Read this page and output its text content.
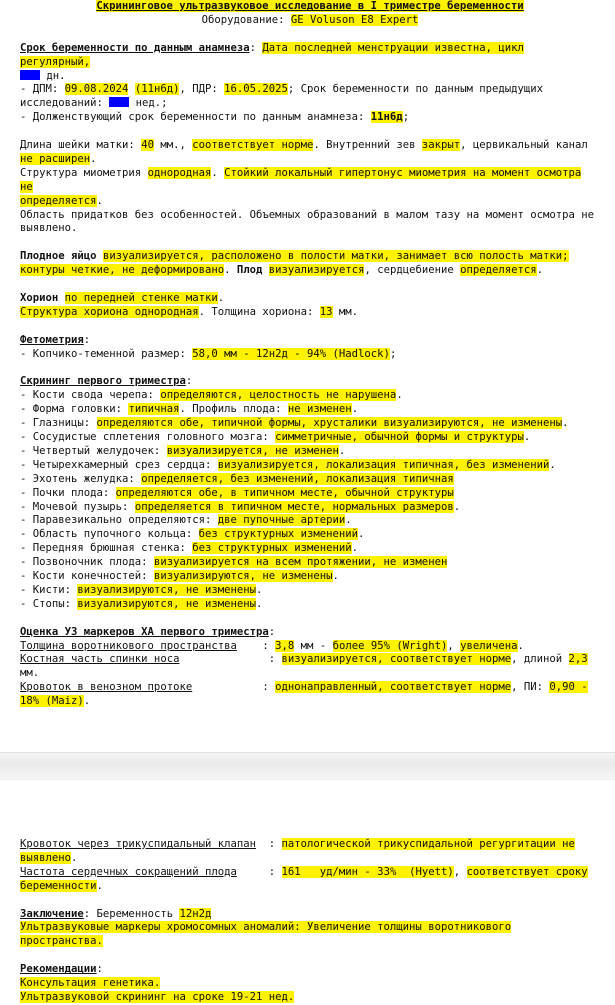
Скрининговое ультразвуковое исследование в I триместре беременности
Оборудование: GE Voluson E8 Expert

Срок беременности по данным анамнеза: Дата последней менструации известна, цикл регулярный,

дн.

- ДПМ: 09.08.2024 (11н6д), ПДР: 16.05.2025; Срок беременности по данным предыдущих

исследований:  нед.;

- Долженствующий срок беременности по данным анамнеза: 11н6д;

Длина шейки матки: 40 мм., соответствует норме. Внутренний зев закрыт, цервикальный канал

не расширен.

Структура миометрия однородная. Стойкий локальный гипертонус миометрия на момент осмотра не

определяется.

Область придатков без особенностей. Объемных образований в малом тазу на момент осмотра не

выявлено.

Плодное яйцо визуализируется, расположено в полости матки, занимает всю полость матки;

контуры четкие, не деформировано. Плод визуализируется, сердцебиение определяется.

Хорион по передней стенке матки.

Структура хориона однородная. Толщина хориона: 13 мм.

Фетометрия:

- Копчико-теменной размер: 58,0 мм - 12н2д - 94% (Hadlock);

Скрининг первого триместра:

- Кости свода черепа: определяются, целостность не нарушена.

- Форма головки: типичная. Профиль плода: не изменен.

- Глазницы: определяются обе, типичной формы, хрусталики визуализируются, не изменены.

- Сосудистые сплетения головного мозга: симметричные, обычной формы и структуры.

- Четвертый желудочек: визуализируется, не изменен.

- Четырехкамерный срез сердца: визуализируется, локализация типичная, без изменений.

- Эхотень желудка: определяется, без изменений, локализация типичная

- Почки плода: определяются обе, в типичном месте, обычной структуры

- Мочевой пузырь: определяется в типичном месте, нормальных размеров.

- Паравезикально определяются: две пупочные артерии.

- Область пупочного кольца: без структурных изменений.

- Передняя брюшная стенка: без структурных изменений.

- Позвоночник плода: визуализируется на всем протяжении, не изменен

- Кости конечностей: визуализируются, не изменены.

- Кисти: визуализируются, не изменены.

- Стопы: визуализируются, не изменены.

Оценка УЗ маркеров ХА первого триместра:

Толщина воротникового пространства    : 3,8 мм - более 95% (Wright), увеличена.

Костная часть спинки носа              : визуализируется, соответствует норме, длиной 2,3

мм.

Кровоток в венозном протоке           : однонаправленный, соответствует норме, ПИ: 0,90 -

18% (Maiz).

Кровоток через трикуспидальный клапан  : патологической трикуспидальной регургитации не

выявлено.

Частота сердечных сокращений плода     : 161   уд/мин - 33%  (Hyett), соответствует сроку

беременности.

Заключение: Беременность 12н2д

Ультразвуковые маркеры хромосомных аномалий: Увеличение толщины воротникового пространства.

Рекомендации:

Консультация генетика.

Ультразвуковой скрининг на сроке 19-21 нед.
